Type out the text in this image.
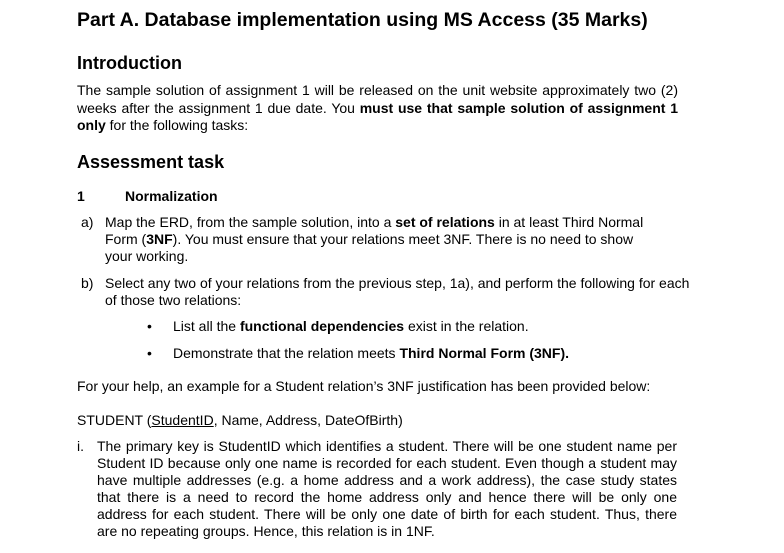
Part A. Database implementation using MS Access (35 Marks)
Introduction

The sample solution of assignment 1 will be released on the unit website approximately two (2) weeks after the assignment 1 due date. You must use that sample solution of assignment 1 only for the following tasks:

Assessment task
1	Normalization
a) Map the ERD, from the sample solution, into a set of relations in at least Third Normal Form (3NF). You must ensure that your relations meet 3NF. There is no need to show your working.
b) Select any two of your relations from the previous step, 1a), and perform the following for each of those two relations:
• List all the functional dependencies exist in the relation.
• Demonstrate that the relation meets Third Normal Form (3NF).

For your help, an example for a Student relation’s 3NF justification has been provided below:

STUDENT (StudentID, Name, Address, DateOfBirth)

i. The primary key is StudentID which identifies a student. There will be one student name per Student ID because only one name is recorded for each student. Even though a student may have multiple addresses (e.g. a home address and a work address), the case study states that there is a need to record the home address only and hence there will be only one address for each student. There will be only one date of birth for each student. Thus, there are no repeating groups. Hence, this relation is in 1NF.
